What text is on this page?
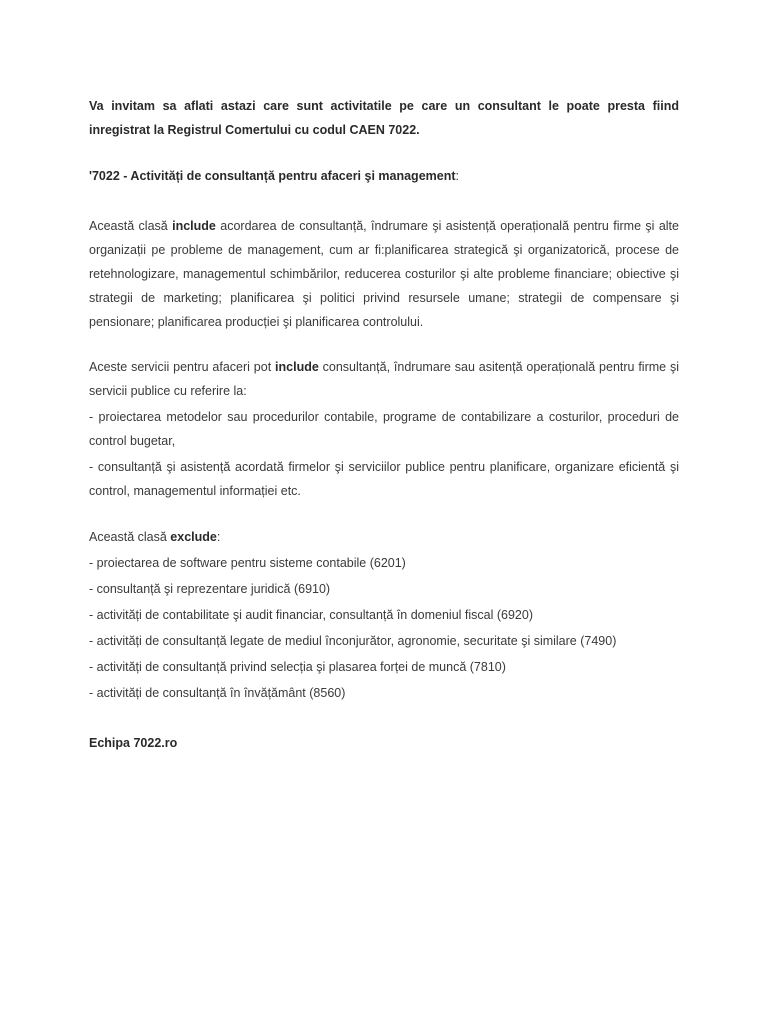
Va invitam sa aflati astazi care sunt activitatile pe care un consultant le poate presta fiind inregistrat la Registrul Comertului cu codul CAEN 7022.

'7022 - Activități de consultanță pentru afaceri şi management:

Această clasă include acordarea de consultanță, îndrumare şi asistență operațională pentru firme şi alte organizații pe probleme de management, cum ar fi:planificarea strategică şi organizatorică, procese de retehnologizare, managementul schimbărilor, reducerea costurilor şi alte probleme financiare; obiective şi strategii de marketing; planificarea şi politici privind resursele umane; strategii de compensare şi pensionare; planificarea producției şi planificarea controlului.

Aceste servicii pentru afaceri pot include consultanță, îndrumare sau asitență operațională pentru firme şi servicii publice cu referire la:

- proiectarea metodelor sau procedurilor contabile, programe de contabilizare a costurilor, proceduri de control bugetar,

- consultanță şi asistență acordată firmelor şi serviciilor publice pentru planificare, organizare eficientă şi control, managementul informației etc.

Această clasă exclude:

- proiectarea de software pentru sisteme contabile (6201)

- consultanță şi reprezentare juridică (6910)

- activități de contabilitate şi audit financiar, consultanță în domeniul fiscal (6920)

- activități de consultanță legate de mediul înconjurător, agronomie, securitate şi similare (7490)

- activități de consultanță privind selecția şi plasarea forței de muncă (7810)

- activități de consultanță în învățământ (8560)

Echipa 7022.ro
